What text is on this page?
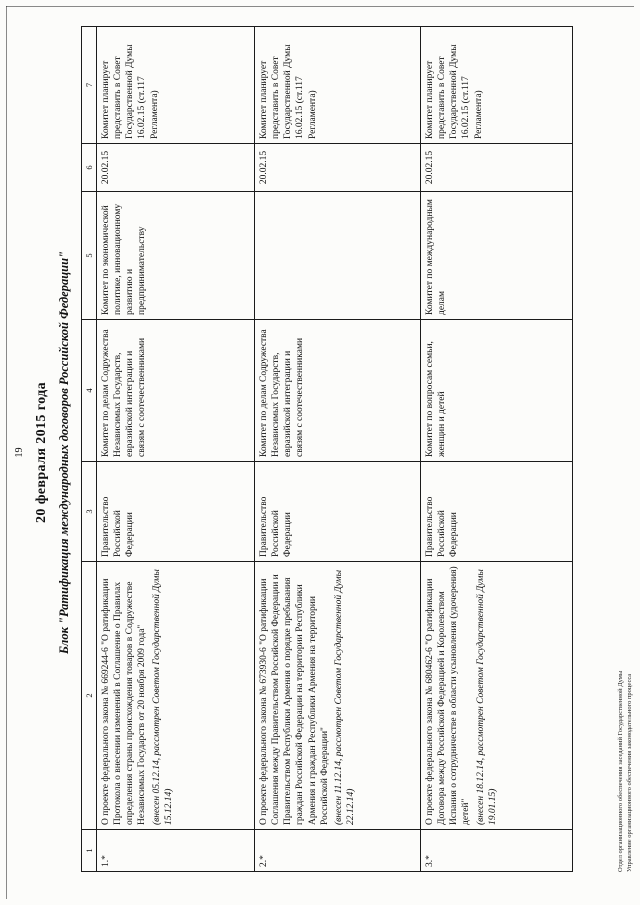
19 20 февраля 2015 года Блок "Ратификация международных договоров Российской Федерации"
1	2	3	4	5	6	7
1.*	О проекте федерального закона № 669244-6 "О ратификации Протокола о внесении изменений в Соглашение о Правилах определения страны происхождения товаров в Содружестве Независимых Государств от 20 ноября 2009 года" (внесен 05.12.14, рассмотрен Советом Государственной Думы 15.12.14)	Правительство Российской Федерации	Комитет по делам Содружества Независимых Государств, евразийской интеграции и связям с соотечественниками	Комитет по экономической политике, инновационному развитию и предпринимательству	20.02.15	Комитет планирует представить в Совет Государственной Думы 16.02.15 (ст.117 Регламента)
2.*	О проекте федерального закона № 673930-6 "О ратификации Соглашения между Правительством Российской Федерации и Правительством Республики Армения о порядке пребывания граждан Российской Федерации на территории Республики Армения и граждан Республики Армения на территории Российской Федерации" (внесен 11.12.14, рассмотрен Советом Государственной Думы 22.12.14)	Правительство Российской Федерации	Комитет по делам Содружества Независимых Государств, евразийской интеграции и связям с соотечественниками		20.02.15	Комитет планирует представить в Совет Государственной Думы 16.02.15 (ст.117 Регламента)
3.*	О проекте федерального закона № 680462-6 "О ратификации Договора между Российской Федерацией и Королевством Испания о сотрудничестве в области усыновления (удочерения) детей" (внесен 18.12.14, рассмотрен Советом Государственной Думы 19.01.15)	Правительство Российской Федерации	Комитет по вопросам семьи, женщин и детей	Комитет по международным делам	20.02.15	Комитет планирует представить в Совет Государственной Думы 16.02.15 (ст.117 Регламента)
Отдел организационного обеспечения заседаний Государственной Думы Управление организационного обеспечения законодательного процесса
